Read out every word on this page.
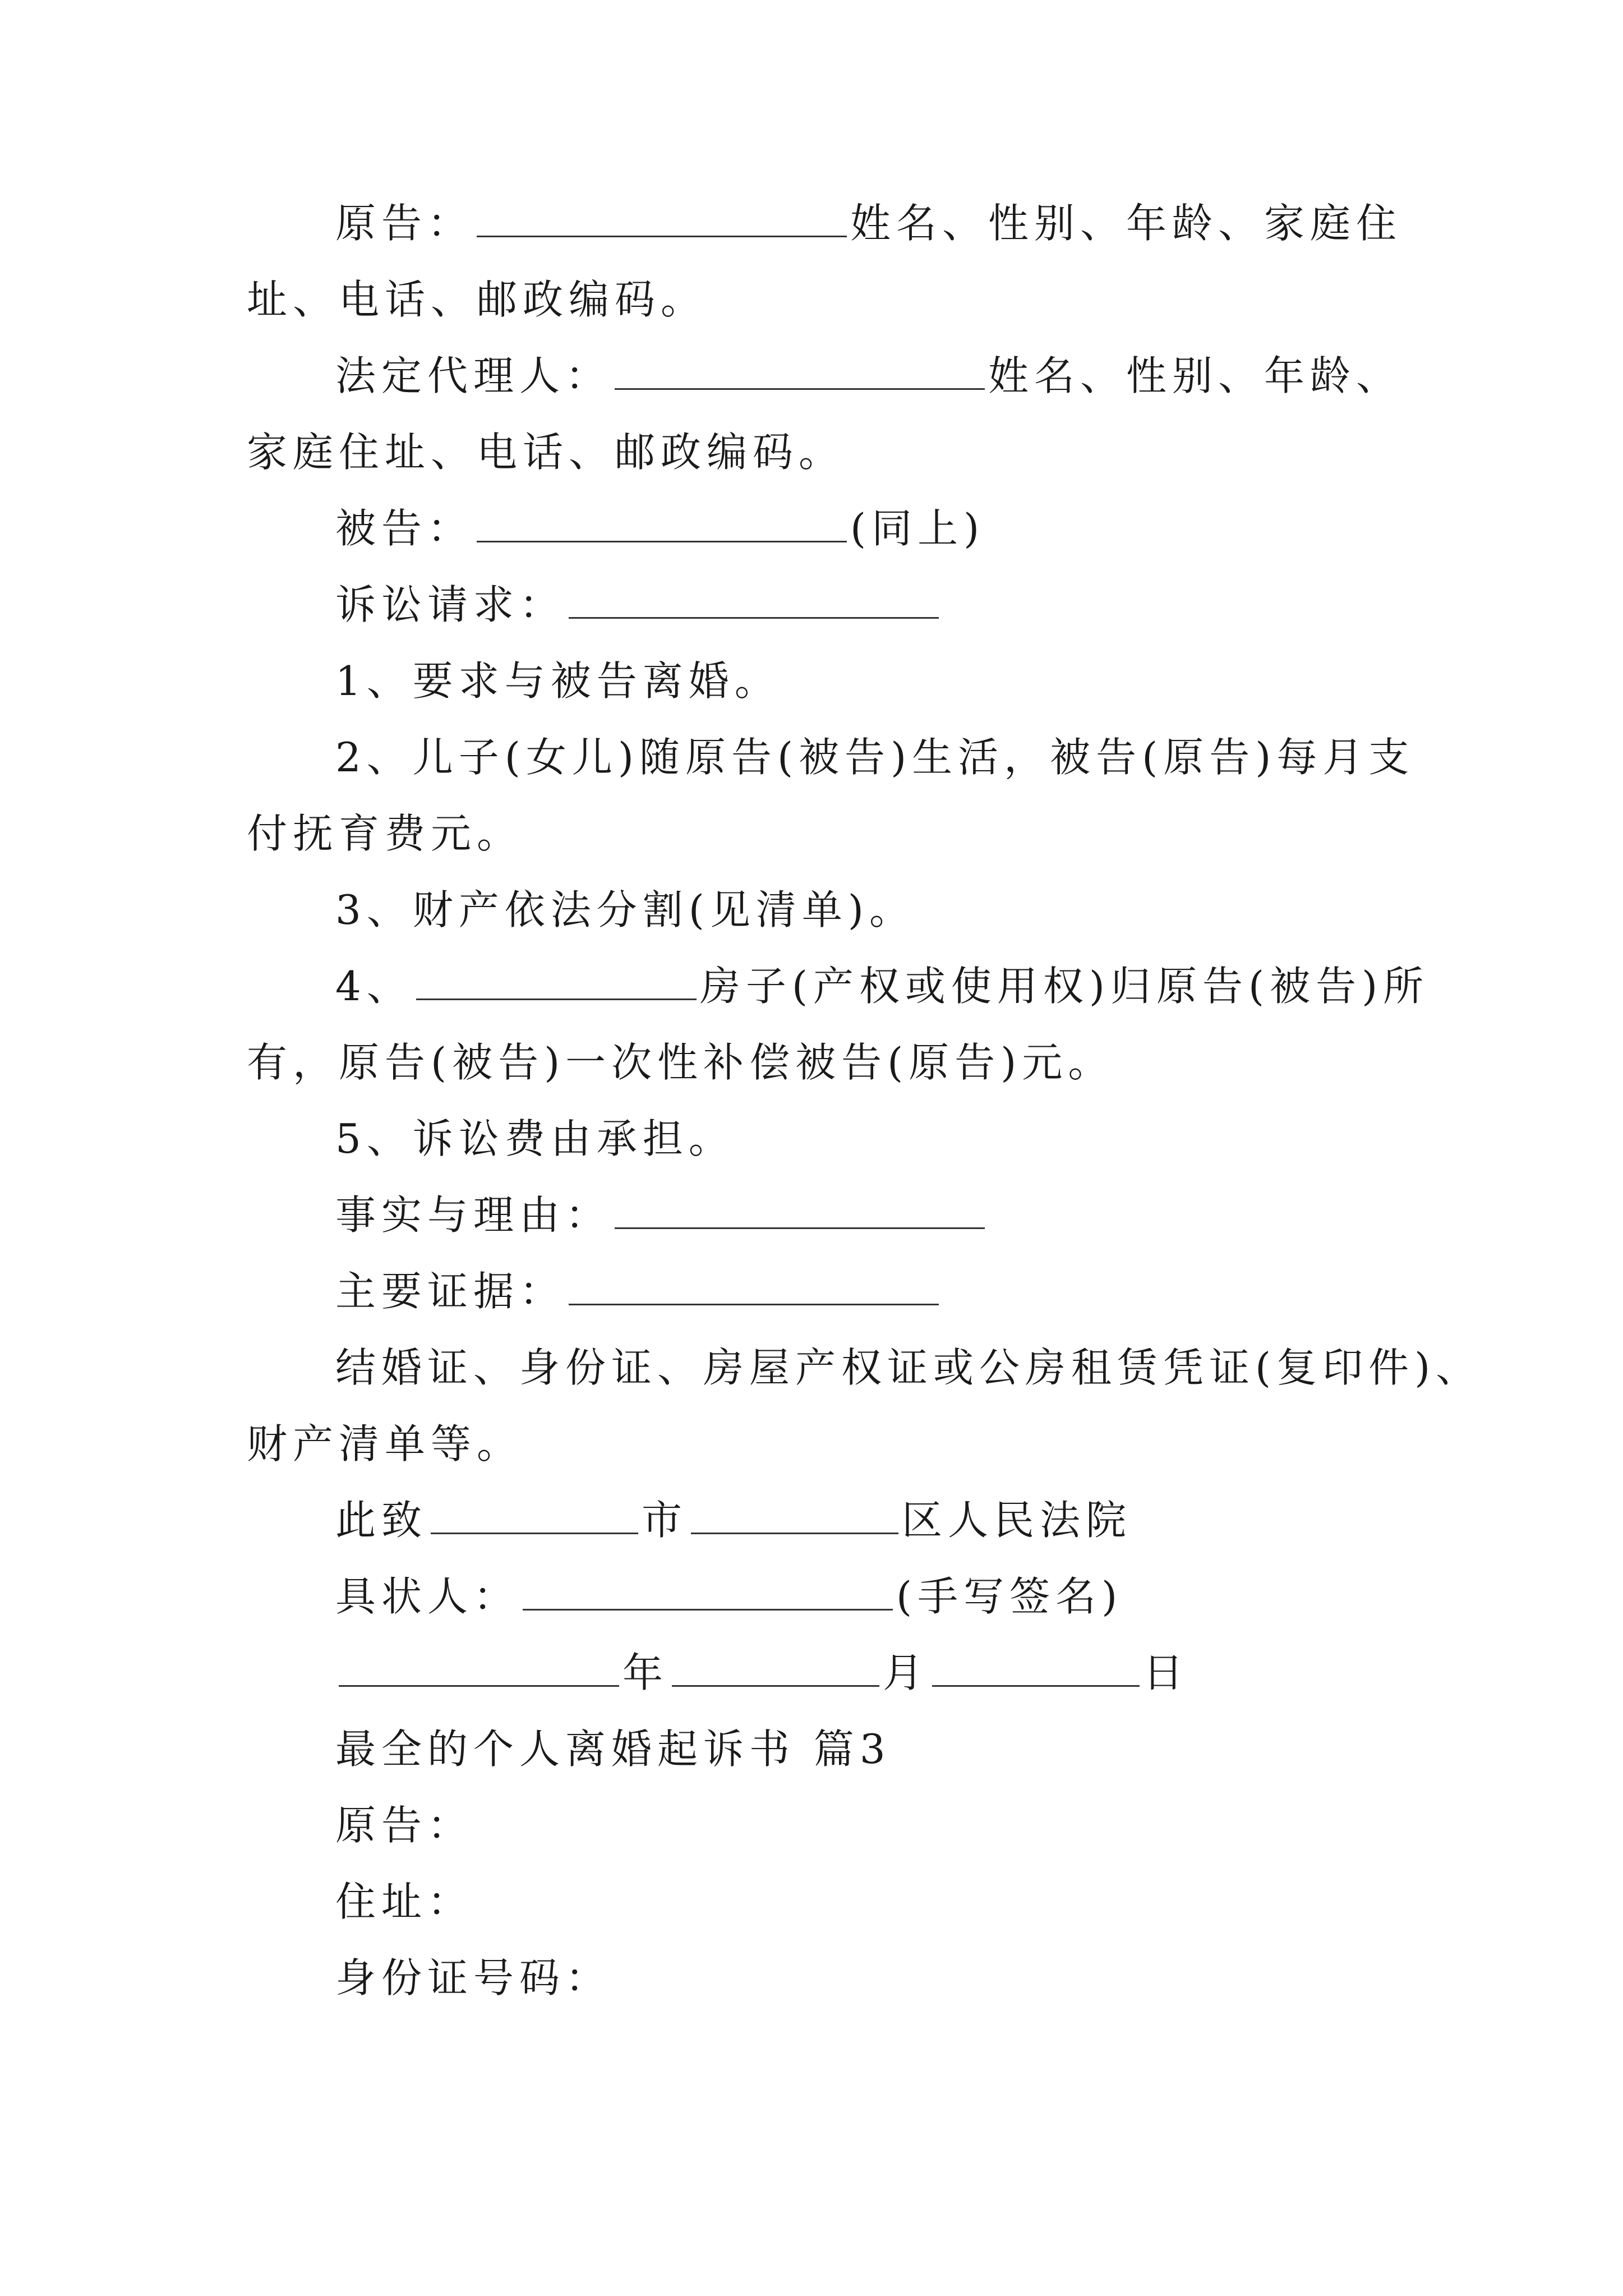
原告：	姓名、性别、年龄、家庭住

址、电话、邮政编码。

法定代理人：	姓名、性别、年龄、

家庭住址、电话、邮政编码。

被告：	(同上)

诉讼请求：

1、要求与被告离婚。

2、儿子(女儿)随原告(被告)生活，被告(原告)每月支

付抚育费元。

3、财产依法分割(见清单)。

4、	房子(产权或使用权)归原告(被告)所

有，原告(被告)一次性补偿被告(原告)元。

5、诉讼费由承担。

事实与理由：

主要证据：

结婚证、身份证、房屋产权证或公房租赁凭证(复印件)、

财产清单等。

此致	市	区人民法院

具状人：	(手写签名)

年	月	日

最全的个人离婚起诉书 篇3

原告：

住址：

身份证号码：
